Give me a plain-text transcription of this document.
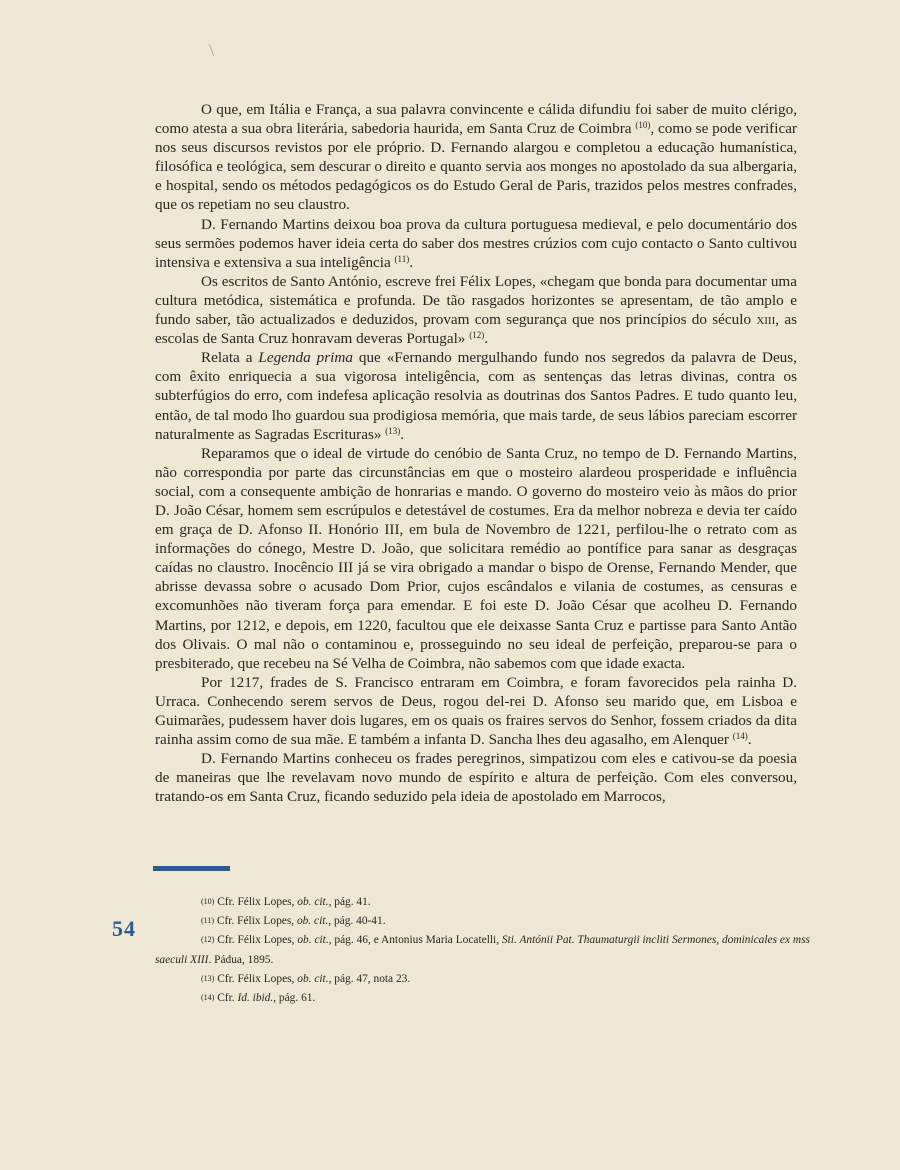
O que, em Itália e França, a sua palavra convincente e cálida difundiu foi saber de muito clérigo, como atesta a sua obra literária, sabedoria haurida, em Santa Cruz de Coimbra $^{(10)}$, como se pode verificar nos seus discursos revistos por ele próprio. D. Fernando alargou e completou a educação humanística, filosófica e teológica, sem descurar o direito e quanto servia aos monges no apostolado da sua albergaria, e hospital, sendo os métodos pedagógicos os do Estudo Geral de Paris, trazidos pelos mestres confrades, que os repetiam no seu claustro.

D. Fernando Martins deixou boa prova da cultura portuguesa medieval, e pelo documentário dos seus sermões podemos haver ideia certa do saber dos mestres crúzios com cujo contacto o Santo cultivou intensiva e extensiva a sua inteligência $^{(11)}$.

Os escritos de Santo António, escreve frei Félix Lopes, «chegam que bonda para documentar uma cultura metódica, sistemática e profunda. De tão rasgados horizontes se apresentam, de tão amplo e fundo saber, tão actualizados e deduzidos, provam com segurança que nos princípios do século xiii, as escolas de Santa Cruz honravam deveras Portugal» $^{(12)}$.

Relata a Legenda prima que «Fernando mergulhando fundo nos segredos da palavra de Deus, com êxito enriquecia a sua vigorosa inteligência, com as sentenças das letras divinas, contra os subterfúgios do erro, com indefesa aplicação resolvia as doutrinas dos Santos Padres. E tudo quanto leu, então, de tal modo lho guardou sua prodigiosa memória, que mais tarde, de seus lábios pareciam escorrer naturalmente as Sagradas Escrituras» $^{(13)}$.

Reparamos que o ideal de virtude do cenóbio de Santa Cruz, no tempo de D. Fernando Martins, não correspondia por parte das circunstâncias em que o mosteiro alardeou prosperidade e influência social, com a consequente ambição de honrarias e mando. O governo do mosteiro veio às mãos do prior D. João César, homem sem escrúpulos e detestável de costumes. Era da melhor nobreza e devia ter caído em graça de D. Afonso II. Honório III, em bula de Novembro de 1221, perfilou-lhe o retrato com as informações do cónego, Mestre D. João, que solicitara remédio ao pontífice para sanar as desgraças caídas no claustro. Inocêncio III já se vira obrigado a mandar o bispo de Orense, Fernando Mender, que abrisse devassa sobre o acusado Dom Prior, cujos escândalos e vilania de costumes, as censuras e excomunhões não tiveram força para emendar. E foi este D. João César que acolheu D. Fernando Martins, por 1212, e depois, em 1220, facultou que ele deixasse Santa Cruz e partisse para Santo Antão dos Olivais. O mal não o contaminou e, prosseguindo no seu ideal de perfeição, preparou-se para o presbiterado, que recebeu na Sé Velha de Coimbra, não sabemos com que idade exacta.

Por 1217, frades de S. Francisco entraram em Coimbra, e foram favorecidos pela rainha D. Urraca. Conhecendo serem servos de Deus, rogou del-rei D. Afonso seu marido que, em Lisboa e Guimarães, pudessem haver dois lugares, em os quais os fraires servos do Senhor, fossem criados da dita rainha assim como de sua mãe. E também a infanta D. Sancha lhes deu agasalho, em Alenquer $^{(14)}$.

D. Fernando Martins conheceu os frades peregrinos, simpatizou com eles e cativou-se da poesia de maneiras que lhe revelavam novo mundo de espírito e altura de perfeição. Com eles conversou, tratando-os em Santa Cruz, ficando seduzido pela ideia de apostolado em Marrocos,

54

$^{(10)}$ Cfr. Félix Lopes, ob. cit., pág. 41.

$^{(11)}$ Cfr. Félix Lopes, ob. cit., pág. 40-41.

$^{(12)}$ Cfr. Félix Lopes, ob. cit., pág. 46, e Antonius Maria Locatelli, Sti. Antónii Pat. Thaumaturgii incliti Sermones, dominicales ex mss saeculi XIII. Pádua, 1895.

$^{(13)}$ Cfr. Félix Lopes, ob. cit., pág. 47, nota 23.

$^{(14)}$ Cfr. Id. ibid., pág. 61.
